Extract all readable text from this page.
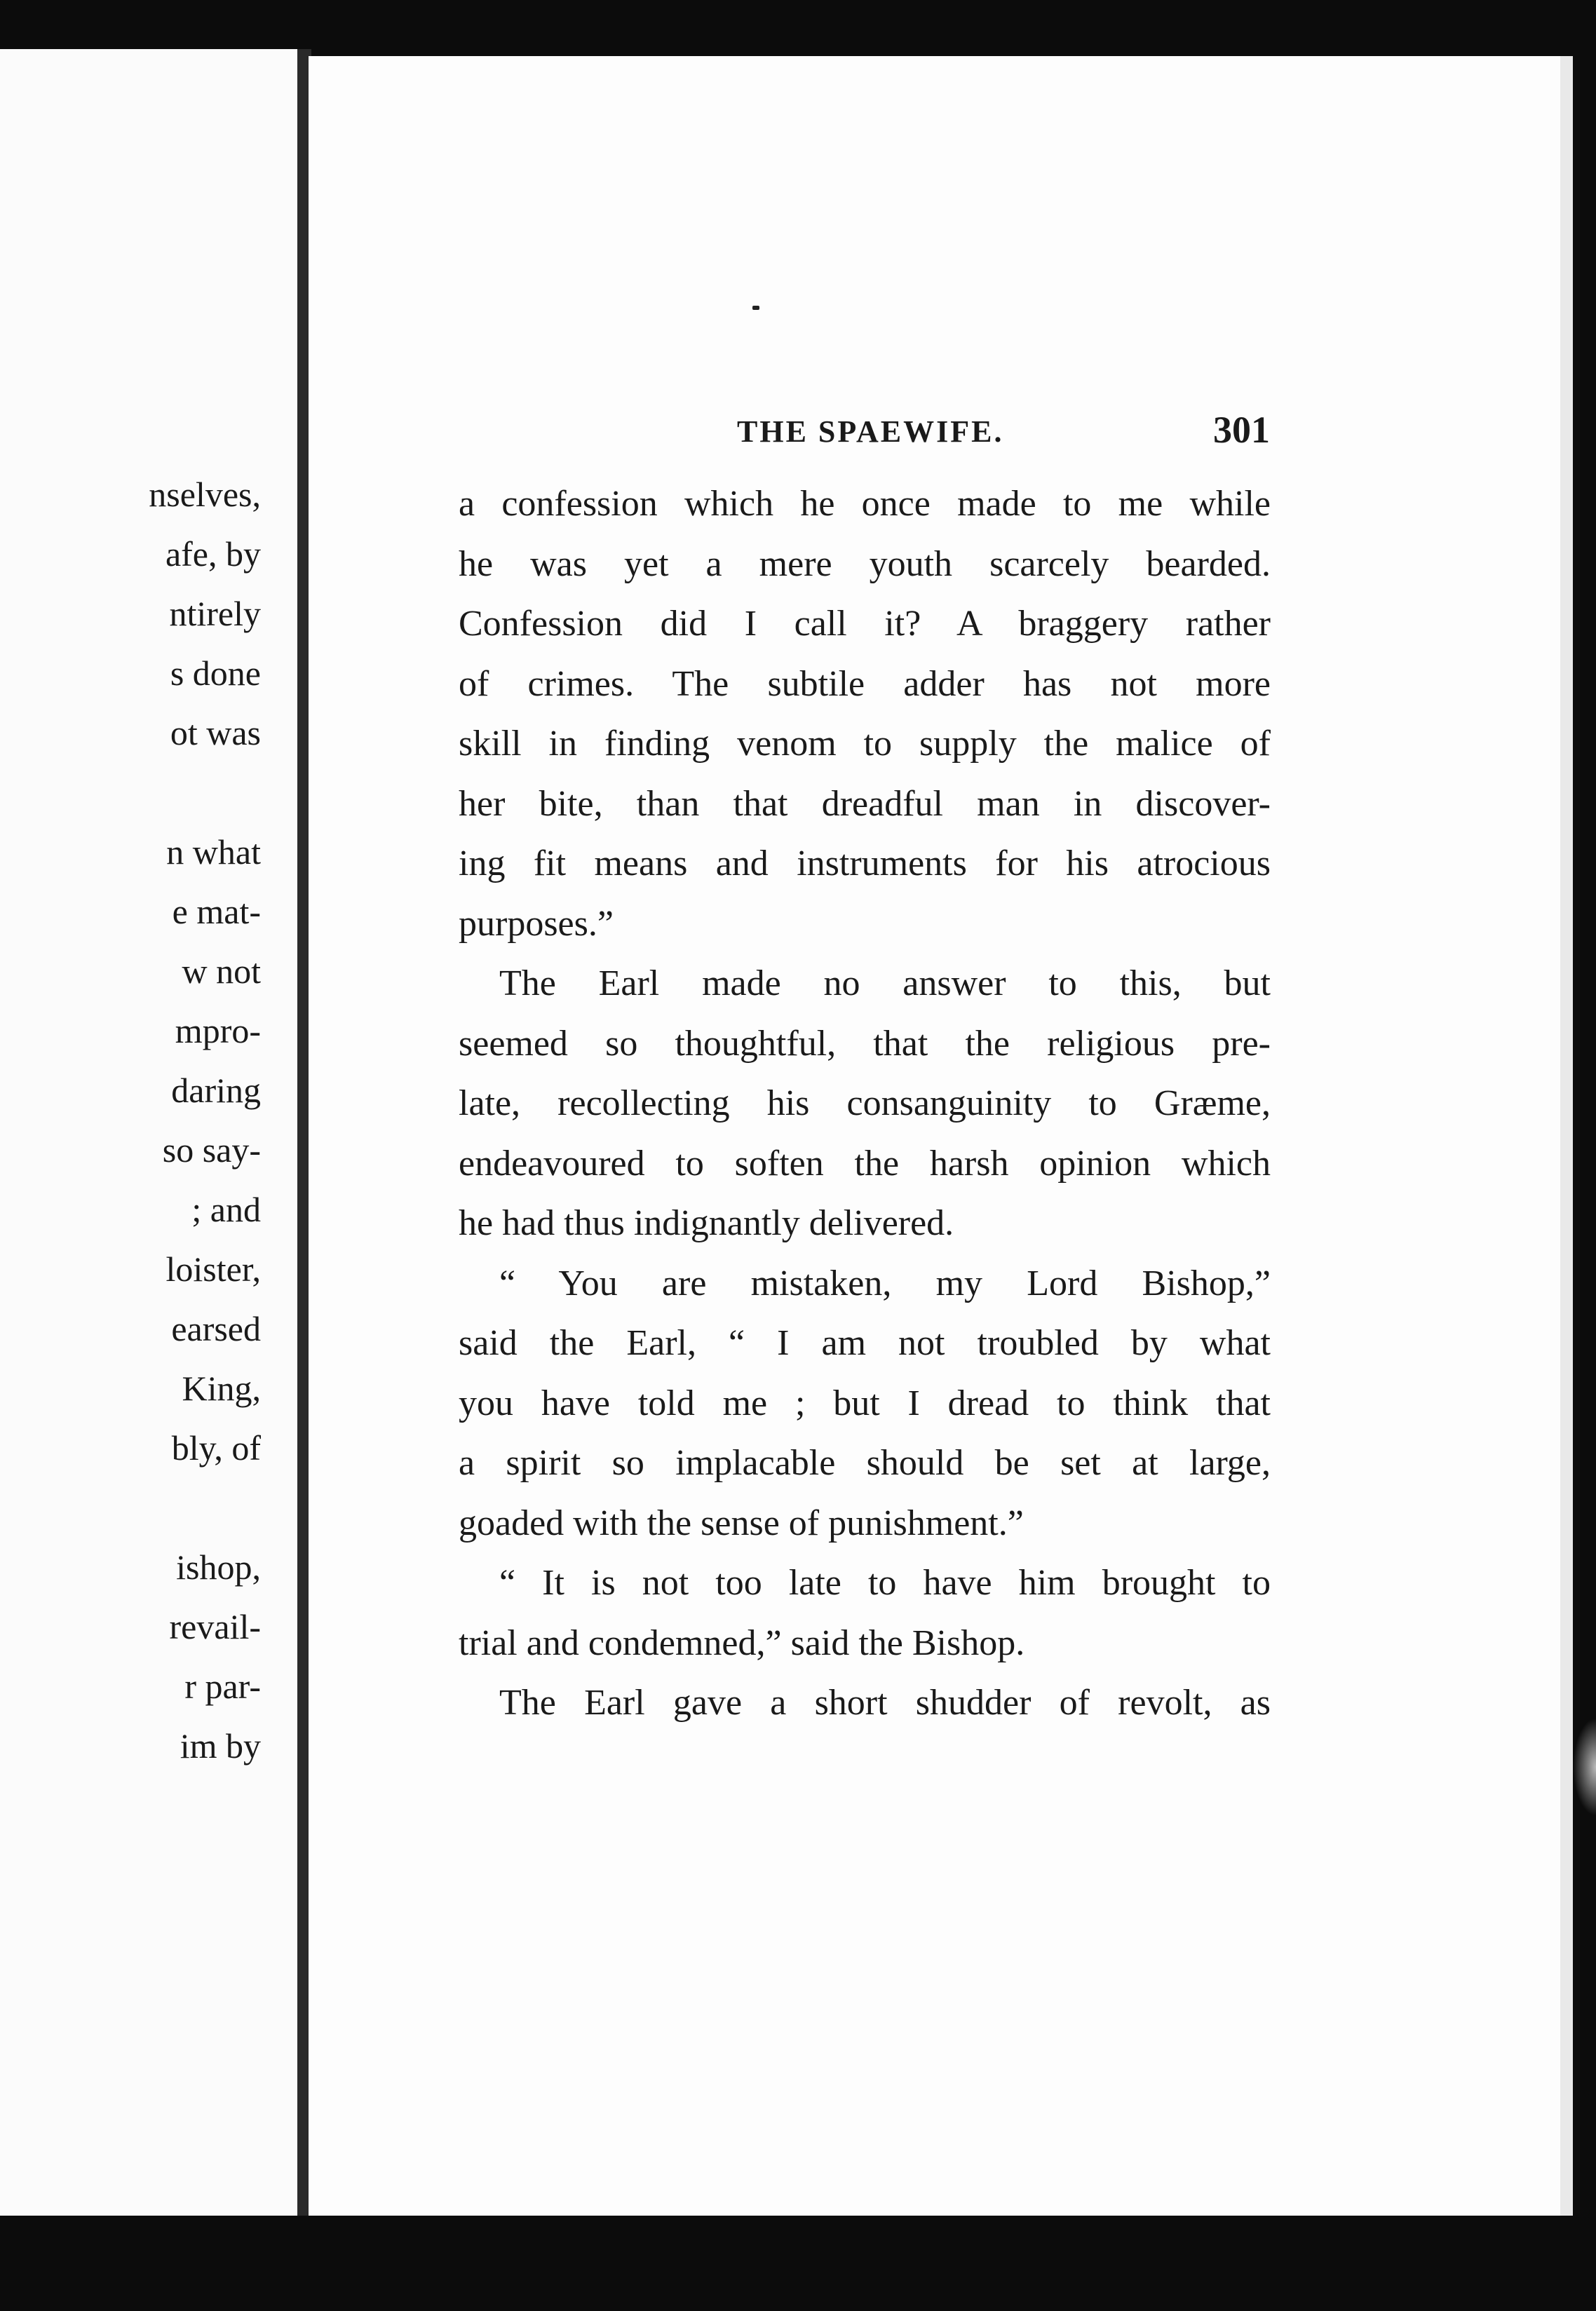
nselves,
afe, by
ntirely
s done
ot was
n what
e mat-
w not
mpro-
daring
so say-
; and
loister,
earsed
King,
bly, of
ishop,
revail-
r par-
im by
THE SPAEWIFE.	301
a confession which he once made to me while
he was yet a mere youth scarcely bearded.
Confession did I call it? A braggery rather
of crimes. The subtile adder has not more
skill in finding venom to supply the malice of
her bite, than that dreadful man in discover-
ing fit means and instruments for his atrocious
purposes.”
The Earl made no answer to this, but
seemed so thoughtful, that the religious pre-
late, recollecting his consanguinity to Græme,
endeavoured to soften the harsh opinion which
he had thus indignantly delivered.
“ You are mistaken, my Lord Bishop,”
said the Earl, “ I am not troubled by what
you have told me ; but I dread to think that
a spirit so implacable should be set at large,
goaded with the sense of punishment.”
“ It is not too late to have him brought to
trial and condemned,” said the Bishop.
The Earl gave a short shudder of revolt, as
